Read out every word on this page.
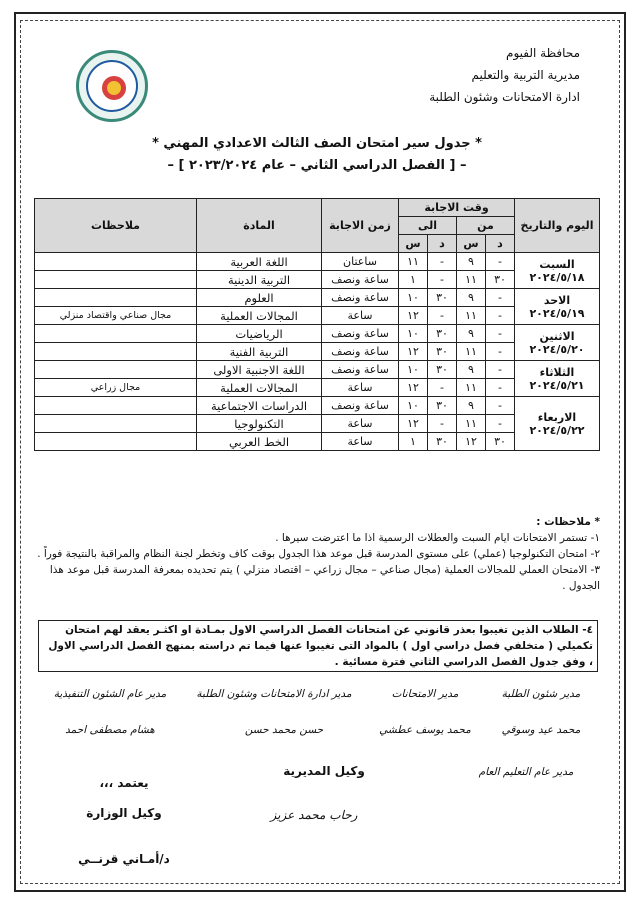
محافظة الفيوم
مديرية التربية والتعليم
ادارة الامتحانات وشئون الطلبة
* جدول سير امتحان الصف الثالث الاعدادي المهني *
– [ الفصل الدراسي الثاني – عام ٢٠٢٣/٢٠٢٤ ] –
اليوم والتاريخ	وقت الاجابة				زمن الاجابة	المادة	ملاحظات
	من		الى				
	د	س	د	س			

السبت
٢٠٢٤/٥/١٨	-	٩	-	١١	ساعتان	اللغة العربية	
	٣٠	١١	-	١	ساعة ونصف	التربية الدينية	

الاحد
٢٠٢٤/٥/١٩	-	٩	٣٠	١٠	ساعة ونصف	العلوم	
	-	١١	-	١٢	ساعة	المجالات العملية	مجال صناعي واقتصاد منزلي

الاثنين
٢٠٢٤/٥/٢٠	-	٩	٣٠	١٠	ساعة ونصف	الرياضيات	
	-	١١	٣٠	١٢	ساعة ونصف	التربية الفنية	

الثلاثاء
٢٠٢٤/٥/٢١	-	٩	٣٠	١٠	ساعة ونصف	اللغة الاجنبية الاولى	
	-	١١	-	١٢	ساعة	المجالات العملية	مجال زراعي

الاربعاء
٢٠٢٤/٥/٢٢	-	٩	٣٠	١٠	ساعة ونصف	الدراسات الاجتماعية	
	-	١١	-	١٢	ساعة	التكنولوجيا	
	٣٠	١٢	٣٠	١	ساعة	الخط العربي	
* ملاحظات :
١- تستمر الامتحانات ايام السبت والعطلات الرسمية اذا ما اعترضت سيرها .
٢- امتحان التكنولوجيا (عملي) على مستوى المدرسة قبل موعد هذا الجدول بوقت كاف وتخطر لجنة النظام والمراقبة بالنتيجة فوراً .
٣- الامتحان العملي للمجالات العملية (مجال صناعي – مجال زراعي – اقتصاد منزلي ) يتم تحديده بمعرفة المدرسة قبل موعد هذا الجدول .
٤- الطلاب الذين تغيبوا بعذر قانوني عن امتحانات الفصل الدراسي الاول بمـادة او اكثـر يعقد لهم امتحان تكميلي ( متخلفي فصل دراسي اول ) بالمواد التى تغيبوا عنها فيما تم دراسته بمنهج الفصل الدراسي الاول ، وفق جدول الفصل الدراسي الثاني فترة مسائية .
مدير شئون الطلبة
مدير الامتحانات
مدير ادارة الامتحانات وشئون الطلبة
مدير عام الشئون التنفيذية
محمد عيد وسوقي
محمد يوسف عطشي
حسن محمد حسن
هشام مصطفى احمد
مدير عام التعليم العام
وكيل المديرية
يعتمد ،،،
رحاب محمد عزيز
وكيل الوزارة
د/أمـاني قرنــي
